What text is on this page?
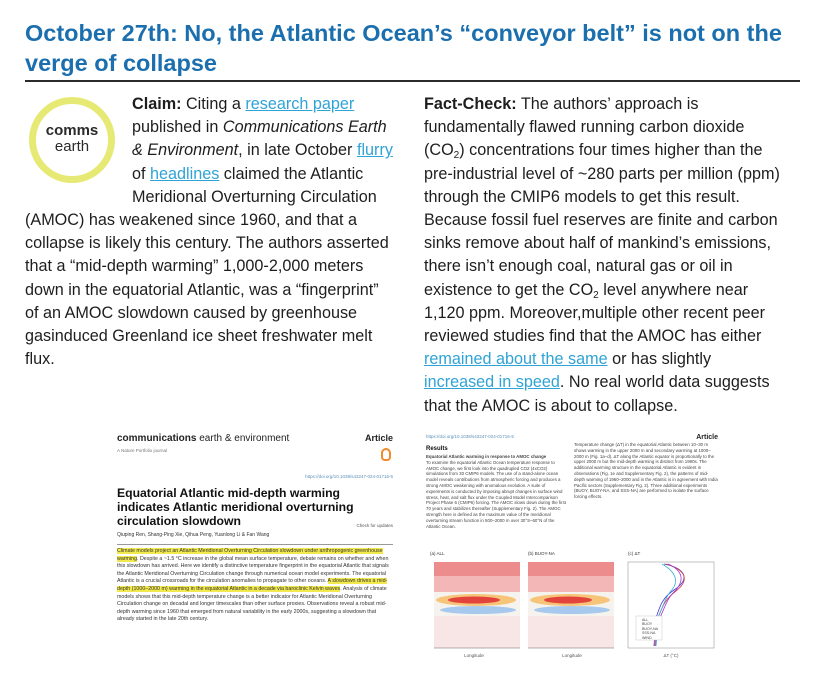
October 27th: No, the Atlantic Ocean’s “conveyor belt” is not on the verge of collapse
comms
earth
Claim: Citing a research paper published in Communications Earth & Environment, in late October flurry of headlines claimed the Atlantic Meridional Overturning Circulation (AMOC) has weakened since 1960, and that a collapse is likely this century. The authors asserted that a “mid-depth warming” 1,000-2,000 meters down in the equatorial Atlantic, was a “fingerprint” of an AMOC slowdown caused by greenhouse gasinduced Greenland ice sheet freshwater melt flux.
Fact-Check: The authors’ approach is fundamentally flawed running carbon dioxide $(CO_2)$ concentrations four times higher than the pre-industrial level of ~280 parts per million (ppm) through the CMIP6 models to get this result. Because fossil fuel reserves are finite and carbon sinks remove about half of mankind’s emissions, there isn’t enough coal, natural gas or oil in existence to get the $CO_2$ level anywhere near 1,120 ppm. Moreover,multiple other recent peer reviewed studies find that the AMOC has either remained about the same or has slightly increased in speed. No real world data suggests that the AMOC is about to collapse.
communications earth & environment	Article
A Nature Portfolio journal
https://doi.org/10.1038/s43247-024-01716-5
Equatorial Atlantic mid-depth warming indicates Atlantic meridional overturning circulation slowdown
Qiuping Ren, Shang-Ping Xie, Qihua Peng, Yuanlong Li & Fan Wang
Check for updates
Climate models project an Atlantic Meridional Overturning Circulation slowdown under anthropogenic greenhouse warming. Despite a ~1.5 °C increase in the global mean surface temperature, debate remains on whether and when this slowdown has arrived. Here we identify a distinctive temperature fingerprint in the equatorial Atlantic that signals the Atlantic Meridional Overturning Circulation change through numerical ocean model experiments. The equatorial Atlantic is a crucial crossroads for the circulation anomalies to propagate to other oceans. A slowdown drives a mid-depth (1000–2000 m) warming in the equatorial Atlantic in a decade via baroclinic Kelvin waves. Analysis of climate models shows that this mid-depth temperature change is a better indicator for Atlantic Meridional Overturning Circulation change on decadal and longer timescales than other surface proxies. Observations reveal a robust mid-depth warming since 1960 that emerged from natural variability in the early 2000s, suggesting a slowdown that already started in the late 20th century.
https://doi.org/10.1038/s43247-024-01716-5	Article
Results
Equatorial Atlantic warming in response to AMOC change
To examine the equatorial Atlantic Ocean temperature response to AMOC change, we first look into the quadrupled CO2 (4xCO2) simulations from 30 CMIP6 models. The use of a stand-alone ocean model reveals contributions from atmospheric forcing and produces a strong AMOC weakening with anomalous evolution. A suite of experiments is conducted by imposing abrupt changes in surface wind stress, heat, and salt flux under the Coupled Model Intercomparison Project Phase 6 (CMIP6) forcing. The AMOC slows down during the first 70 years and stabilizes thereafter (Supplementary Fig. 2). The AMOC strength here is defined as the maximum value of the meridional overturning stream function in 500–2000 m over 30°S–60°N of the Atlantic Ocean.
Temperature change (ΔT) in the equatorial Atlantic between 10–30 m shows warming in the upper 2000 m and secondary warming at 1000–2000 m (Fig. 1a–d). ΔT along the Atlantic equator is proportionally to the upper 2000 m but the mid-depth warming is distinct from 1990s. The additional warming structure in the equatorial Atlantic is evident in observations (Fig. 1e and Supplementary Fig. 2), the patterns of mid-depth warming of 1960–2000 and in the Atlantic is in agreement with India Pacific sectors (Supplementary Fig. 2). Three additional experiments (BUOY, BUOY-NA, and SSS-NA) are performed to isolate the surface forcing effects.
(a) ALL
Longitude
(b) BUOY-NA
Longitude
(c) ΔT
ALL
BUOY
BUOY-NA
SSS-NA
WIND
ΔT (°C)
